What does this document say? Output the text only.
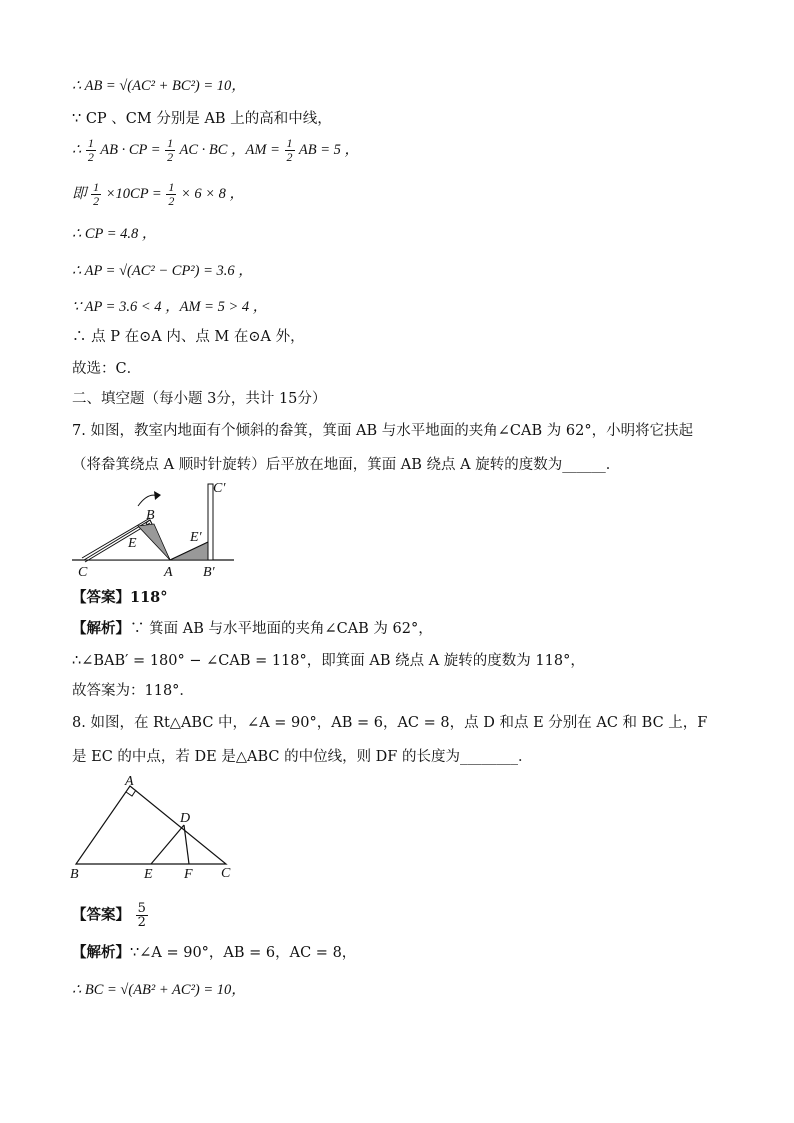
∴ AB = √(AC² + BC²) = 10，
∵ CP 、CM 分别是 AB 上的高和中线，
∴ $\frac{1}{2}$ AB · CP = $\frac{1}{2}$ AC · BC ，AM = $\frac{1}{2}$ AB = 5 ，
即 $\frac{1}{2} \times 10CP = \frac{1}{2} \times 6 \times 8$ ，
∴ CP = 4.8 ，
∴ AP = √(AC² − CP²) = 3.6 ，
∵ AP = 3.6 < 4 ，AM = 5 > 4 ，
∴ 点 P 在⊙A 内、点 M 在⊙A 外，
故选：C．
二、填空题（每小题 3分，共计 15分）
7. 如图，教室内地面有个倾斜的畚箕，箕面 AB 与水平地面的夹角∠CAB 为 62°，小明将它扶起（将畚箕绕点 A 顺时针旋转）后平放在地面，箕面 AB 绕点 A 旋转的度数为______．
C	A
B
E	E′
B′
C′
【答案】118°
【解析】∵ 箕面 AB 与水平地面的夹角∠CAB 为 62°，
∴∠BAB′ = 180° − ∠CAB = 118°，即箕面 AB 绕点 A 旋转的度数为 118°，
故答案为：118°．
8. 如图，在 Rt△ABC 中，∠A = 90°，AB = 6，AC = 8，点 D 和点 E 分别在 AC 和 BC 上，F 是 EC 的中点，若 DE 是△ABC 的中位线，则 DF 的长度为________．
A
B	C
D
E F
【答案】 $\frac{5}{2}$
【解析】∵∠A = 90°，AB = 6，AC = 8，
∴ BC = √(AB² + AC²) = 10，
